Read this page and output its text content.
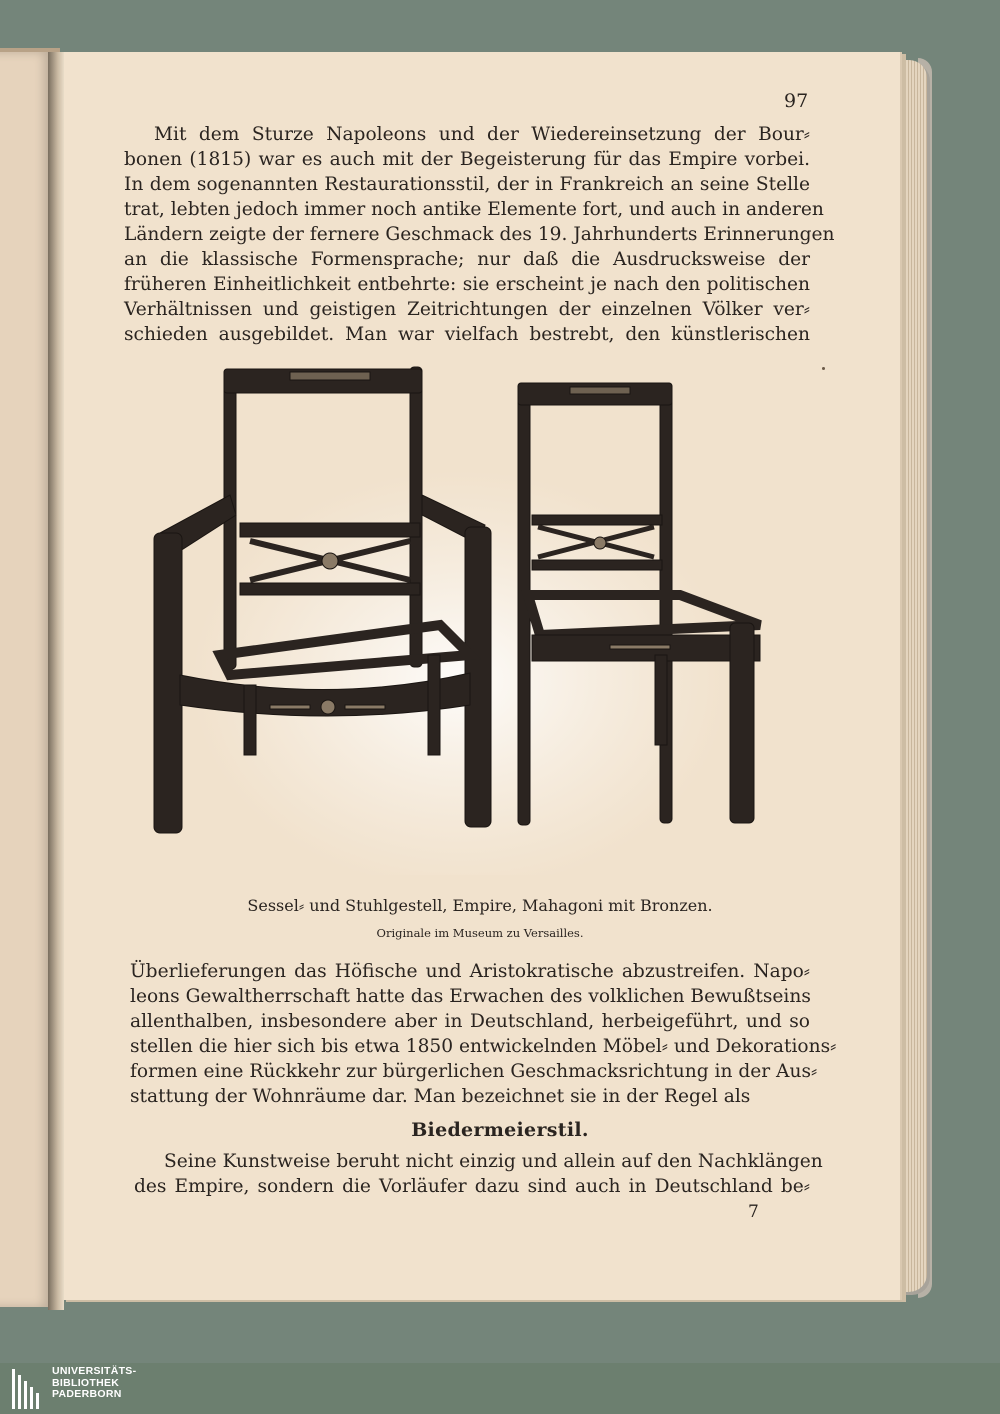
97
Mit dem Sturze Napoleons und der Wiedereinsetzung der Bour⸗
bonen (1815) war es auch mit der Begeisterung für das Empire vorbei.
In dem sogenannten Restaurationsstil, der in Frankreich an seine Stelle
trat, lebten jedoch immer noch antike Elemente fort, und auch in anderen
Ländern zeigte der fernere Geschmack des 19. Jahrhunderts Erinnerungen
an die klassische Formensprache; nur daß die Ausdrucksweise der
früheren Einheitlichkeit entbehrte: sie erscheint je nach den politischen
Verhältnissen und geistigen Zeitrichtungen der einzelnen Völker ver⸗
schieden ausgebildet. Man war vielfach bestrebt, den künstlerischen
Sessel⸗ und Stuhlgestell, Empire, Mahagoni mit Bronzen.
Originale im Museum zu Versailles.
Überlieferungen das Höfische und Aristokratische abzustreifen. Napo⸗
leons Gewaltherrschaft hatte das Erwachen des volklichen Bewußtseins
allenthalben, insbesondere aber in Deutschland, herbeigeführt, und so
stellen die hier sich bis etwa 1850 entwickelnden Möbel⸗ und Dekorations⸗
formen eine Rückkehr zur bürgerlichen Geschmacksrichtung in der Aus⸗
stattung der Wohnräume dar. Man bezeichnet sie in der Regel als
Biedermeierstil.
Seine Kunstweise beruht nicht einzig und allein auf den Nachklängen
des Empire, sondern die Vorläufer dazu sind auch in Deutschland be⸗
7
UNIVERSITÄTS-
BIBLIOTHEK
PADERBORN
